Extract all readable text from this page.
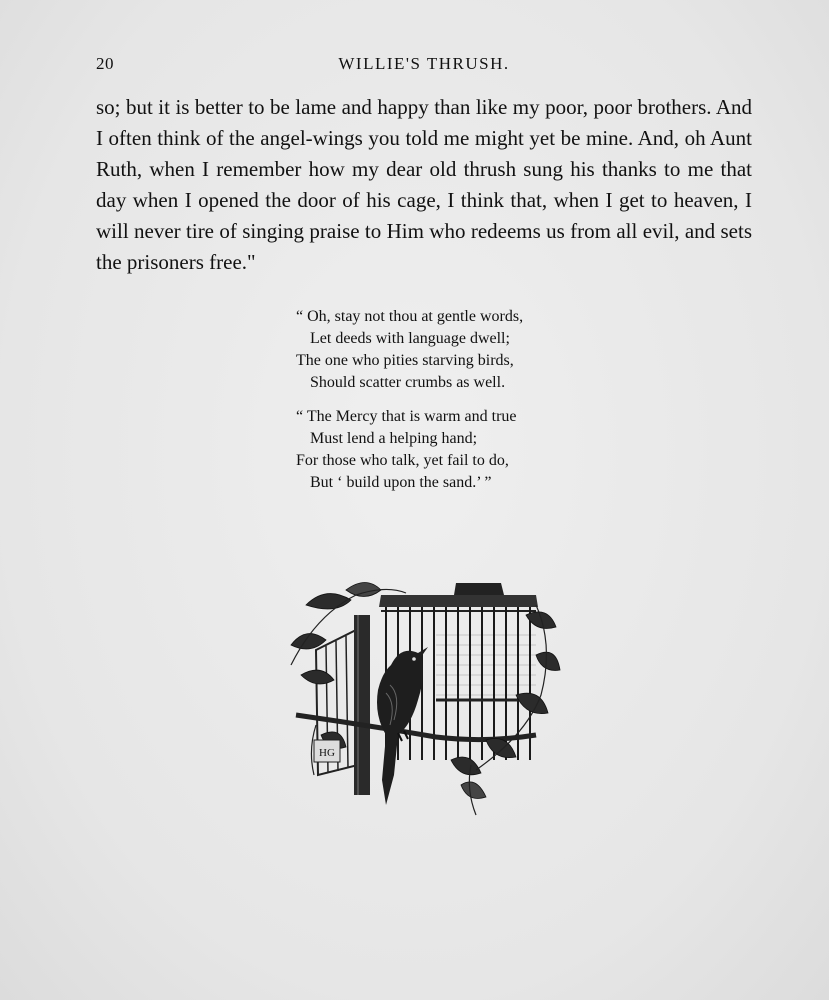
20	WILLIE'S THRUSH.

so; but it is better to be lame and happy than like my poor, poor brothers. And I often think of the angel-wings you told me might yet be mine. And, oh Aunt Ruth, when I remember how my dear old thrush sung his thanks to me that day when I opened the door of his cage, I think that, when I get to heaven, I will never tire of singing praise to Him who redeems us from all evil, and sets the prisoners free."

“ Oh, stay not thou at gentle words,
Let deeds with language dwell;
The one who pities starving birds,
Should scatter crumbs as well.
“ The Mercy that is warm and true
Must lend a helping hand;
For those who talk, yet fail to do,
But ‘ build upon the sand.’ ”
HG
